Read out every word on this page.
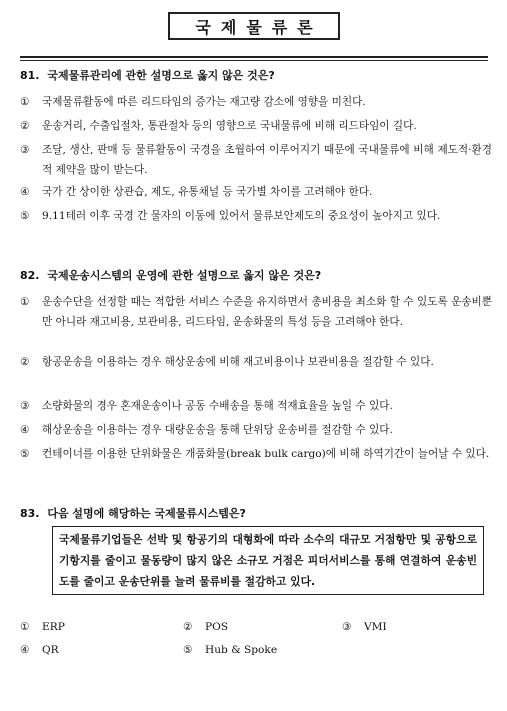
국제물류론
81. 국제물류관리에 관한 설명으로 옳지 않은 것은?
①	국제물류활동에 따른 리드타임의 증가는 재고량 감소에 영향을 미친다.
②	운송거리, 수출입절차, 통관절차 등의 영향으로 국내물류에 비해 리드타임이 길다.
③	조달, 생산, 판매 등 물류활동이 국경을 초월하여 이루어지기 때문에 국내물류에 비해 제도적·환경적 제약을 많이 받는다.
④	국가 간 상이한 상관습, 제도, 유통채널 등 국가별 차이를 고려해야 한다.
⑤	9.11테러 이후 국경 간 물자의 이동에 있어서 물류보안제도의 중요성이 높아지고 있다.
82. 국제운송시스템의 운영에 관한 설명으로 옳지 않은 것은?
①	운송수단을 선정할 때는 적합한 서비스 수준을 유지하면서 총비용을 최소화 할 수 있도록 운송비뿐만 아니라 재고비용, 보관비용, 리드타임, 운송화물의 특성 등을 고려해야 한다.
②	항공운송을 이용하는 경우 해상운송에 비해 재고비용이나 보관비용을 절감할 수 있다.
③	소량화물의 경우 혼재운송이나 공동 수배송을 통해 적재효율을 높일 수 있다.
④	해상운송을 이용하는 경우 대량운송을 통해 단위당 운송비를 절감할 수 있다.
⑤	컨테이너를 이용한 단위화물은 개품화물(break bulk cargo)에 비해 하역기간이 늘어날 수 있다.
83. 다음 설명에 해당하는 국제물류시스템은?
국제물류기업들은 선박 및 항공기의 대형화에 따라 소수의 대규모 거점항만 및 공항으로 기항지를 줄이고 물동량이 많지 않은 소규모 거점은 피더서비스를 통해 연결하여 운송빈도를 줄이고 운송단위를 늘려 물류비를 절감하고 있다.
①	ERP	②	POS	③	VMI
④	QR	⑤	Hub & Spoke
